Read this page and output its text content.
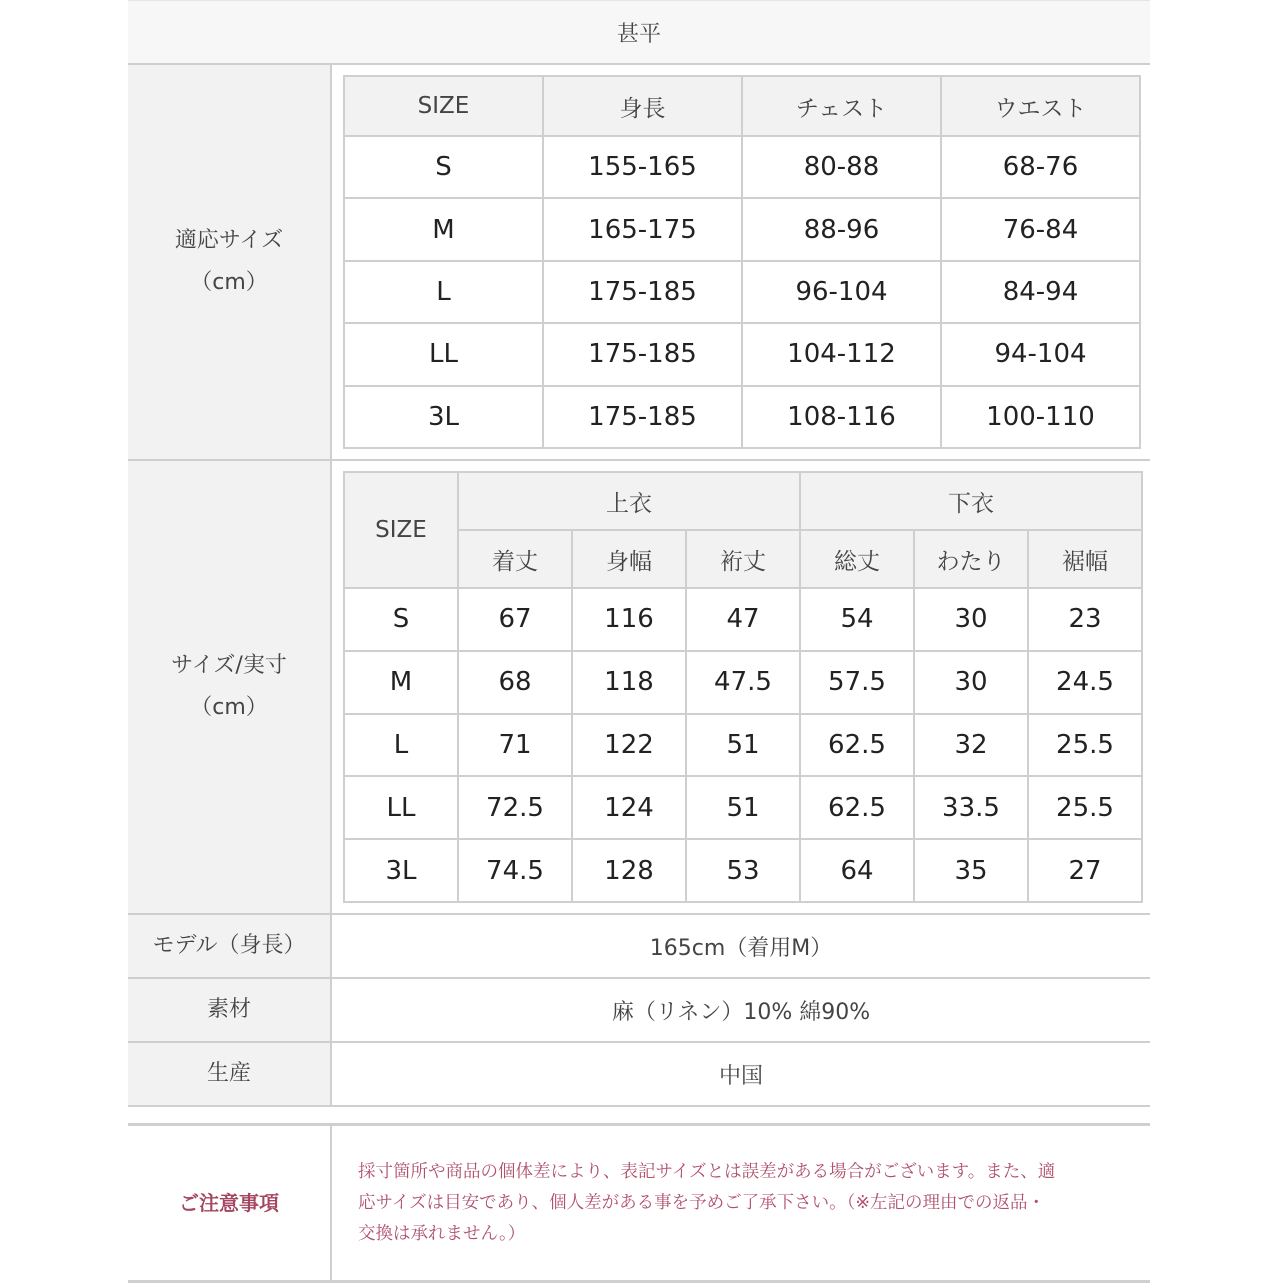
甚平
適応サイズ
（cm）
SIZE	身長	チェスト	ウエスト
S	155-165	80-88	68-76
M	165-175	88-96	76-84
L	175-185	96-104	84-94
LL	175-185	104-112	94-104
3L	175-185	108-116	100-110
サイズ/実寸
（cm）
SIZE	上衣			下衣		
	着丈	身幅	裄丈	総丈	わたり	裾幅
S	67	116	47	54	30	23
M	68	118	47.5	57.5	30	24.5
L	71	122	51	62.5	32	25.5
LL	72.5	124	51	62.5	33.5	25.5
3L	74.5	128	53	64	35	27
モデル（身長）	165cm（着用M）
素材	麻（リネン）10% 綿90%
生産	中国
ご注意事項
採寸箇所や商品の個体差により、表記サイズとは誤差がある場合がございます。また、適
応サイズは目安であり、個人差がある事を予めご了承下さい。（※左記の理由での返品・
交換は承れません。）
